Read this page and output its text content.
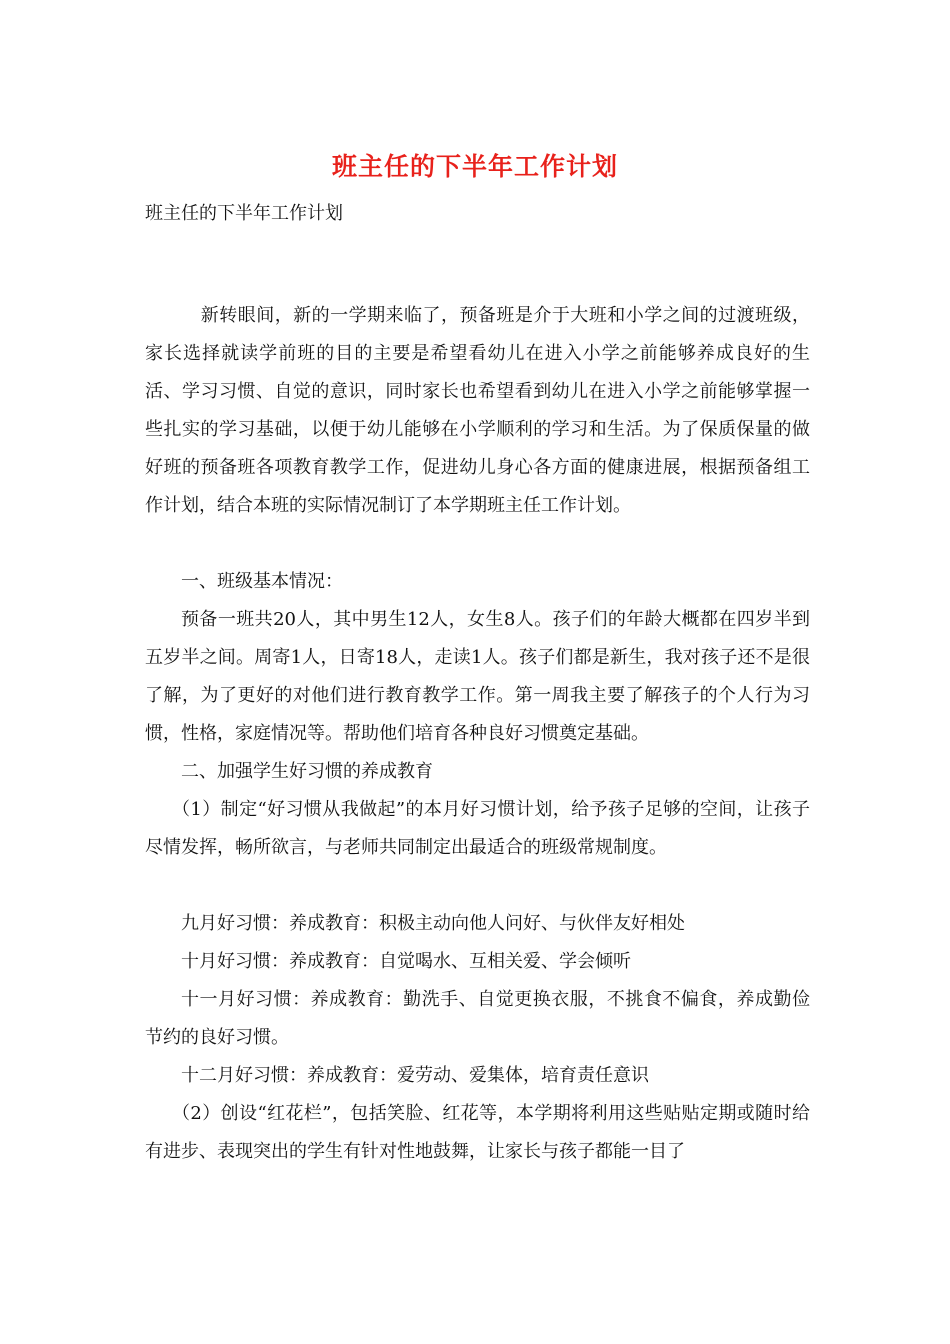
班主任的下半年工作计划
班主任的下半年工作计划

新转眼间，新的一学期来临了，预备班是介于大班和小学之间的过渡班级，家长选择就读学前班的目的主要是希望看幼儿在进入小学之前能够养成良好的生活、学习习惯、自觉的意识，同时家长也希望看到幼儿在进入小学之前能够掌握一些扎实的学习基础，以便于幼儿能够在小学顺利的学习和生活。为了保质保量的做好班的预备班各项教育教学工作，促进幼儿身心各方面的健康进展，根据预备组工作计划，结合本班的实际情况制订了本学期班主任工作计划。

一、班级基本情况：

预备一班共20人，其中男生12人，女生8人。孩子们的年龄大概都在四岁半到五岁半之间。周寄1人，日寄18人，走读1人。孩子们都是新生，我对孩子还不是很了解，为了更好的对他们进行教育教学工作。第一周我主要了解孩子的个人行为习惯，性格，家庭情况等。帮助他们培育各种良好习惯奠定基础。

二、加强学生好习惯的养成教育

（1）制定“好习惯从我做起”的本月好习惯计划，给予孩子足够的空间，让孩子尽情发挥，畅所欲言，与老师共同制定出最适合的班级常规制度。

九月好习惯：养成教育：积极主动向他人问好、与伙伴友好相处

十月好习惯：养成教育：自觉喝水、互相关爱、学会倾听

十一月好习惯：养成教育：勤洗手、自觉更换衣服，不挑食不偏食，养成勤俭节约的良好习惯。

十二月好习惯：养成教育：爱劳动、爱集体，培育责任意识

（2）创设“红花栏”，包括笑脸、红花等，本学期将利用这些贴贴定期或随时给有进步、表现突出的学生有针对性地鼓舞，让家长与孩子都能一目了
